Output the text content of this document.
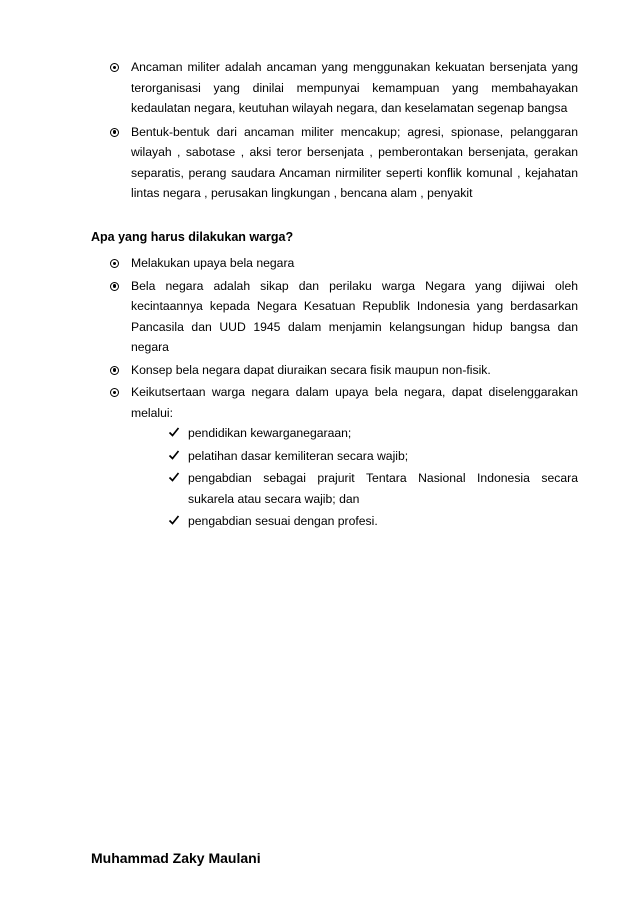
Ancaman militer adalah ancaman yang menggunakan kekuatan bersenjata yang terorganisasi yang dinilai mempunyai kemampuan yang membahayakan kedaulatan negara, keutuhan wilayah negara, dan keselamatan segenap bangsa
Bentuk-bentuk dari ancaman militer mencakup; agresi, spionase, pelanggaran wilayah , sabotase , aksi teror bersenjata , pemberontakan bersenjata, gerakan separatis, perang saudara Ancaman nirmiliter seperti konflik komunal , kejahatan lintas negara , perusakan lingkungan , bencana alam , penyakit
Apa yang harus dilakukan warga?
Melakukan upaya bela negara
Bela negara adalah sikap dan perilaku warga Negara yang dijiwai oleh kecintaannya kepada Negara Kesatuan Republik Indonesia yang berdasarkan Pancasila dan UUD 1945 dalam menjamin kelangsungan hidup bangsa dan negara
Konsep bela negara dapat diuraikan secara fisik maupun non-fisik.
Keikutsertaan warga negara dalam upaya bela negara, dapat diselenggarakan melalui:
pendidikan kewarganegaraan;
pelatihan dasar kemiliteran secara wajib;
pengabdian sebagai prajurit Tentara Nasional Indonesia secara sukarela atau secara wajib; dan
pengabdian sesuai dengan profesi.
Muhammad Zaky Maulani
